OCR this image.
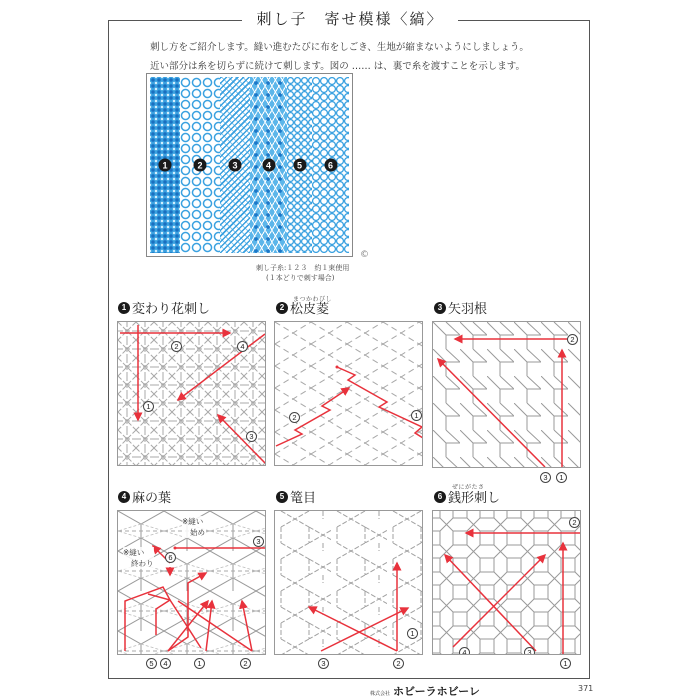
刺し子　寄せ模様〈縞〉
刺し方をご紹介します。縫い進むたびに布をしごき、生地が縮まないようにしましょう。
近い部分は糸を切らずに続けて刺します。図の …… は、裏で糸を渡すことを示します。
1	2	3	4	5	6
©
刺し子糸:１２３　約１束使用
(１本どりで刺す場合)
1 変わり花刺し
2	4
1
3
まつかわびし
2 松皮菱
2	1
3 矢羽根
2
3	1
4 麻の葉
※縫い
始め
※縫い
終わり
3
6
5	4	1	2
5 篭目
1
3	2
ぜにがたさ
6 銭形刺し
2
4	3
1
株式会社 ホビーラホビーレ	371
